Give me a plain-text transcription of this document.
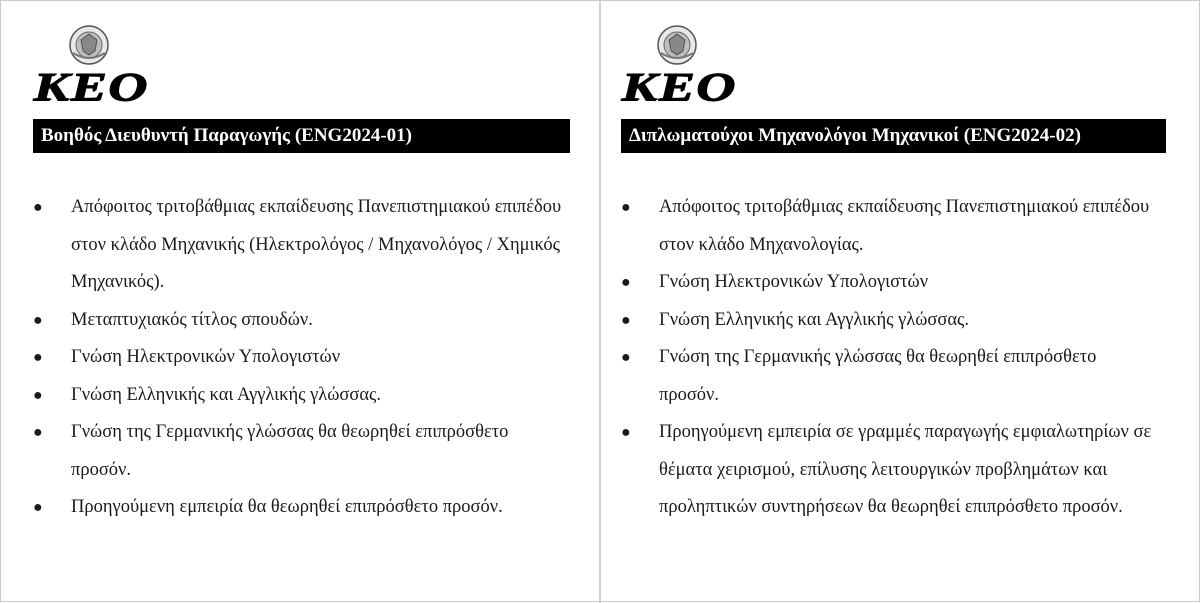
KEO
Βοηθός Διευθυντή Παραγωγής (ENG2024-01)
●	Απόφοιτος τριτοβάθμιας εκπαίδευσης Πανεπιστημιακού επιπέδου στον κλάδο Μηχανικής (Ηλεκτρολόγος / Μηχανολόγος / Χημικός Μηχανικός).
●	Μεταπτυχιακός τίτλος σπουδών.
●	Γνώση Ηλεκτρονικών Υπολογιστών
●	Γνώση Ελληνικής και Αγγλικής γλώσσας.
●	Γνώση της Γερμανικής γλώσσας θα θεωρηθεί επιπρόσθετο προσόν.
●	Προηγούμενη εμπειρία θα θεωρηθεί επιπρόσθετο προσόν.
KEO
Διπλωματούχοι Μηχανολόγοι Μηχανικοί (ENG2024-02)
●	Απόφοιτος τριτοβάθμιας εκπαίδευσης Πανεπιστημιακού επιπέδου στον κλάδο Μηχανολογίας.
●	Γνώση Ηλεκτρονικών Υπολογιστών
●	Γνώση Ελληνικής και Αγγλικής γλώσσας.
●	Γνώση της Γερμανικής γλώσσας θα θεωρηθεί επιπρόσθετο προσόν.
●	Προηγούμενη εμπειρία σε γραμμές παραγωγής εμφιαλωτηρίων σε θέματα χειρισμού, επίλυσης λειτουργικών προβλημάτων και προληπτικών συντηρήσεων θα θεωρηθεί επιπρόσθετο προσόν.
